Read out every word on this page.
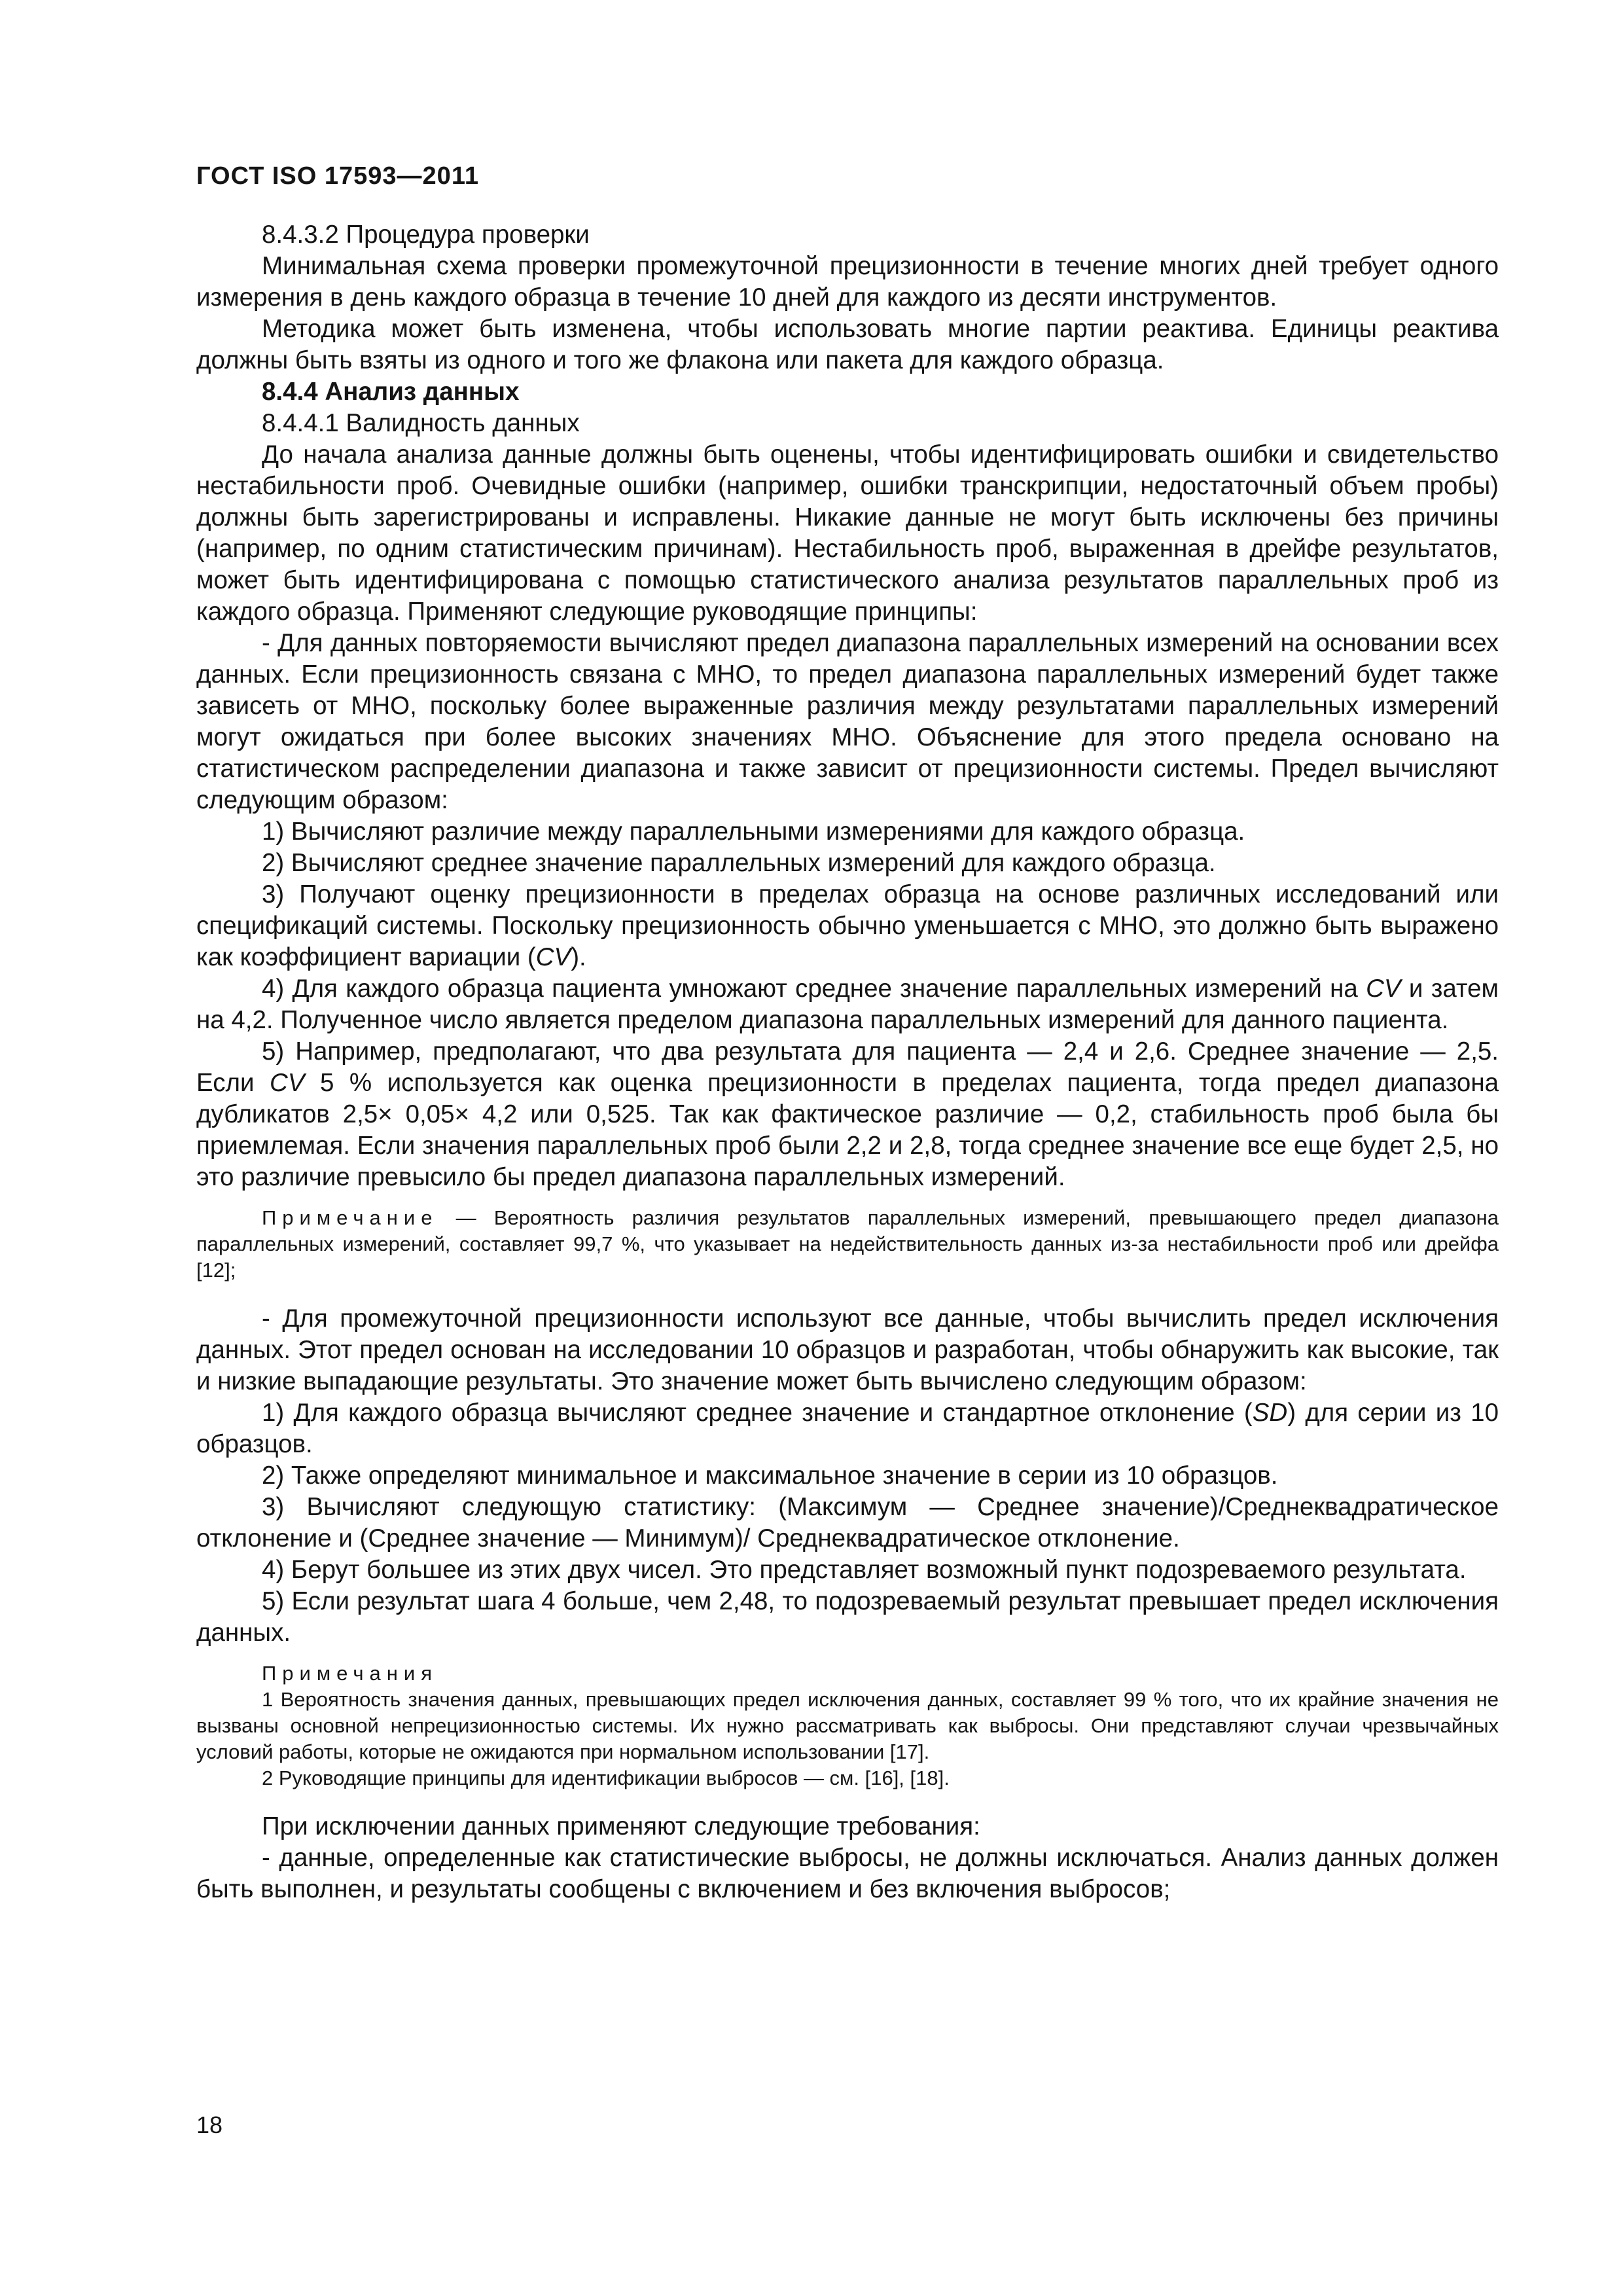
ГОСТ ISO 17593—2011

8.4.3.2 Процедура проверки

Минимальная схема проверки промежуточной прецизионности в течение многих дней требует одного измерения в день каждого образца в течение 10 дней для каждого из десяти инструментов.

Методика может быть изменена, чтобы использовать многие партии реактива. Единицы реактива должны быть взяты из одного и того же флакона или пакета для каждого образца.

8.4.4 Анализ данных

8.4.4.1 Валидность данных

До начала анализа данные должны быть оценены, чтобы идентифицировать ошибки и свидетельство нестабильности проб. Очевидные ошибки (например, ошибки транскрипции, недостаточный объем пробы) должны быть зарегистрированы и исправлены. Никакие данные не могут быть исключены без причины (например, по одним статистическим причинам). Нестабильность проб, выраженная в дрейфе результатов, может быть идентифицирована с помощью статистического анализа результатов параллельных проб из каждого образца. Применяют следующие руководящие принципы:

- Для данных повторяемости вычисляют предел диапазона параллельных измерений на основании всех данных. Если прецизионность связана с МНО, то предел диапазона параллельных измерений будет также зависеть от МНО, поскольку более выраженные различия между результатами параллельных измерений могут ожидаться при более высоких значениях МНО. Объяснение для этого предела основано на статистическом распределении диапазона и также зависит от прецизионности системы. Предел вычисляют следующим образом:

1) Вычисляют различие между параллельными измерениями для каждого образца.

2) Вычисляют среднее значение параллельных измерений для каждого образца.

3) Получают оценку прецизионности в пределах образца на основе различных исследований или спецификаций системы. Поскольку прецизионность обычно уменьшается с МНО, это должно быть выражено как коэффициент вариации (CV).

4) Для каждого образца пациента умножают среднее значение параллельных измерений на CV и затем на 4,2. Полученное число является пределом диапазона параллельных измерений для данного пациента.

5) Например, предполагают, что два результата для пациента — 2,4 и 2,6. Среднее значение — 2,5. Если CV 5 % используется как оценка прецизионности в пределах пациента, тогда предел диапазона дубликатов 2,5× 0,05× 4,2 или 0,525. Так как фактическое различие — 0,2, стабильность проб была бы приемлемая. Если значения параллельных проб были 2,2 и 2,8, тогда среднее значение все еще будет 2,5, но это различие превысило бы предел диапазона параллельных измерений.

Примечание — Вероятность различия результатов параллельных измерений, превышающего предел диапазона параллельных измерений, составляет 99,7 %, что указывает на недействительность данных из-за нестабильности проб или дрейфа [12];

- Для промежуточной прецизионности используют все данные, чтобы вычислить предел исключения данных. Этот предел основан на исследовании 10 образцов и разработан, чтобы обнаружить как высокие, так и низкие выпадающие результаты. Это значение может быть вычислено следующим образом:

1) Для каждого образца вычисляют среднее значение и стандартное отклонение (SD) для серии из 10 образцов.

2) Также определяют минимальное и максимальное значение в серии из 10 образцов.

3) Вычисляют следующую статистику: (Максимум — Среднее значение)/Среднеквадратическое отклонение и (Среднее значение — Минимум)/ Среднеквадратическое отклонение.

4) Берут большее из этих двух чисел. Это представляет возможный пункт подозреваемого результата.

5) Если результат шага 4 больше, чем 2,48, то подозреваемый результат превышает предел исключения данных.

Примечания

1 Вероятность значения данных, превышающих предел исключения данных, составляет 99 % того, что их крайние значения не вызваны основной непрецизионностью системы. Их нужно рассматривать как выбросы. Они представляют случаи чрезвычайных условий работы, которые не ожидаются при нормальном использовании [17].

2 Руководящие принципы для идентификации выбросов — см. [16], [18].

При исключении данных применяют следующие требования:

- данные, определенные как статистические выбросы, не должны исключаться. Анализ данных должен быть выполнен, и результаты сообщены с включением и без включения выбросов;

18
